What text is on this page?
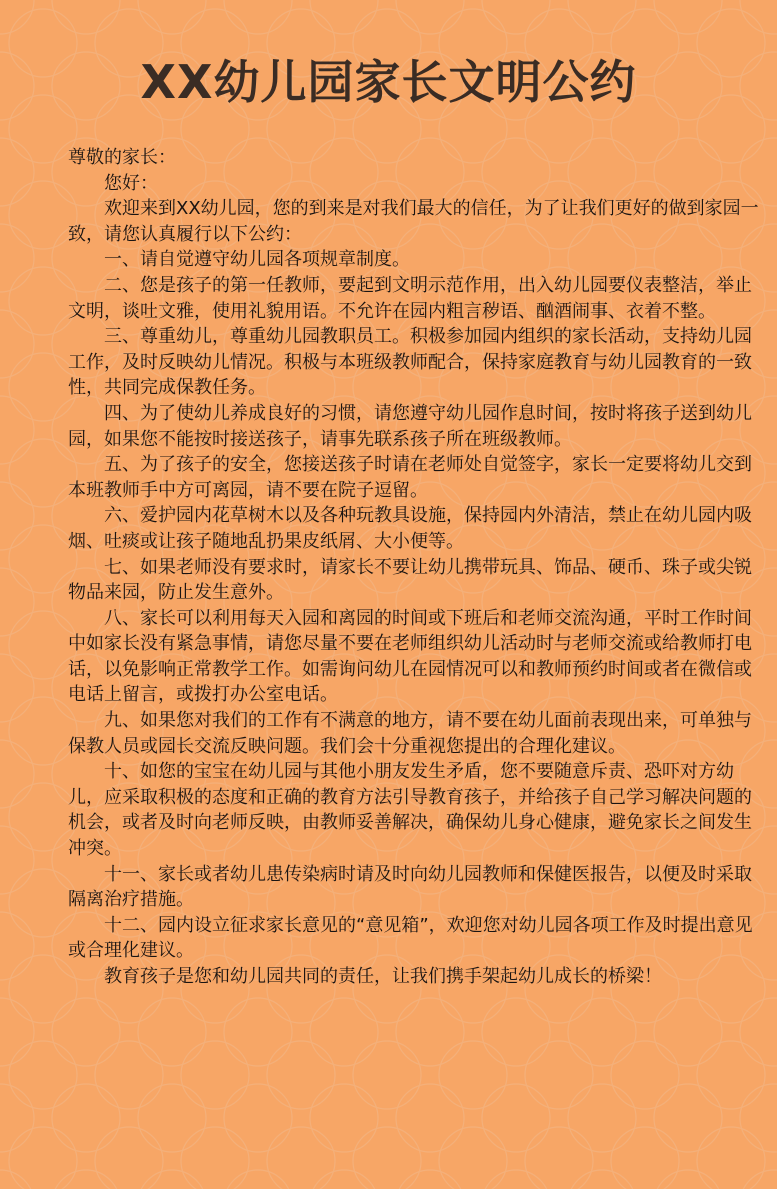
XX幼儿园家长文明公约

尊敬的家长：

您好：

欢迎来到XX幼儿园，您的到来是对我们最大的信任，为了让我们更好的做到家园一致，请您认真履行以下公约：

一、请自觉遵守幼儿园各项规章制度。

二、您是孩子的第一任教师，要起到文明示范作用，出入幼儿园要仪表整洁，举止文明，谈吐文雅，使用礼貌用语。不允许在园内粗言秽语、酗酒闹事、衣着不整。

三、尊重幼儿，尊重幼儿园教职员工。积极参加园内组织的家长活动，支持幼儿园工作，及时反映幼儿情况。积极与本班级教师配合，保持家庭教育与幼儿园教育的一致性，共同完成保教任务。

四、为了使幼儿养成良好的习惯，请您遵守幼儿园作息时间，按时将孩子送到幼儿园，如果您不能按时接送孩子，请事先联系孩子所在班级教师。

五、为了孩子的安全，您接送孩子时请在老师处自觉签字，家长一定要将幼儿交到本班教师手中方可离园，请不要在院子逗留。

六、爱护园内花草树木以及各种玩教具设施，保持园内外清洁，禁止在幼儿园内吸烟、吐痰或让孩子随地乱扔果皮纸屑、大小便等。

七、如果老师没有要求时，请家长不要让幼儿携带玩具、饰品、硬币、珠子或尖锐物品来园，防止发生意外。

八、家长可以利用每天入园和离园的时间或下班后和老师交流沟通，平时工作时间中如家长没有紧急事情，请您尽量不要在老师组织幼儿活动时与老师交流或给教师打电话，以免影响正常教学工作。如需询问幼儿在园情况可以和教师预约时间或者在微信或电话上留言，或拨打办公室电话。

九、如果您对我们的工作有不满意的地方，请不要在幼儿面前表现出来，可单独与保教人员或园长交流反映问题。我们会十分重视您提出的合理化建议。

十、如您的宝宝在幼儿园与其他小朋友发生矛盾，您不要随意斥责、恐吓对方幼儿，应采取积极的态度和正确的教育方法引导教育孩子，并给孩子自己学习解决问题的机会，或者及时向老师反映，由教师妥善解决，确保幼儿身心健康，避免家长之间发生冲突。

十一、家长或者幼儿患传染病时请及时向幼儿园教师和保健医报告，以便及时采取隔离治疗措施。

十二、园内设立征求家长意见的“意见箱”，欢迎您对幼儿园各项工作及时提出意见或合理化建议。

教育孩子是您和幼儿园共同的责任，让我们携手架起幼儿成长的桥梁！
